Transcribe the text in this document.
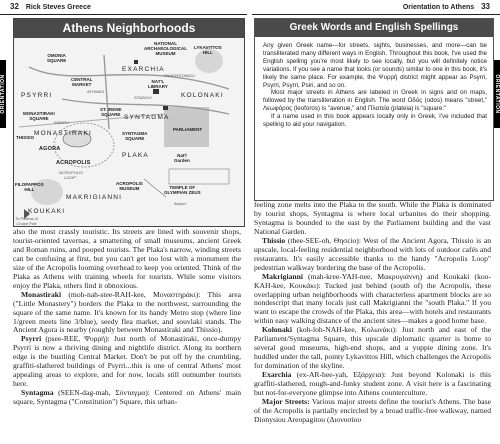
32 Rick Steves Greece	Orientation to Athens 33
ORIENTATION	ORIENTATION
Athens Neighborhoods
NATIONAL
ARCHAEOLOGICAL
MUSEUM
OMONIA
SQUARE
EXARCHIA
LYKAVITTOS
HILL
CENTRAL
MARKET
NAT'L
LIBRARY
PSYRRI	KOLONAKI
MONASTIRAKI
SQUARE
ST. IRENE
SQUARE SYNTAGMA
THISSIO
MONASTIRAKI	SYNTAGMA
SQUARE
PARLIAMENT
AGORA
PLAKA	Nat'l
Garden
ACROPOLIS
"ACROPOLIS
LOOP"
FILOPAPPOS
HILL
ACROPOLIS
MUSEUM	TEMPLE OF
OLYMPIAN ZEUS
MAKRIGIANNI
KOUKAKI
Airport
To Piraeus &
Cruise Port
STADIOU
PANEPISTIMIOU
ERMOU
ATHINAS
Greek Words and English Spellings

Any given Greek name—for streets, sights, businesses, and more—can be transliterated many different ways in English. Throughout this book, I've used the English spelling you're most likely to see locally, but you will definitely notice variations. If you see a name that looks (or sounds) similar to one in this book, it's likely the same place. For example, the Ψυρρή district might appear as Psyrri, Psyrri, Psyrri, Psiri, and so on.

Most major streets in Athens are labeled in Greek in signs and on maps, followed by the transliteration in English. The word Οδός (odos) means "street," Λεωφόρος (leoforos) is "avenue," and Πλατεία (plateia) is "square."

If a name used in this book appears locally only in Greek, I've included that spelling to aid your navigation.

also the most crassly touristic. Its streets are lined with souvenir shops, tourist-oriented tavernas, a smattering of small museums, ancient Greek and Roman ruins, and pooped tourists. The Plaka's narrow, winding streets can be confusing at first, but you can't get too lost with a monument the size of the Acropolis looming overhead to keep you oriented. Think of the Plaka as Athens with training wheels for tourists. While some visitors enjoy the Plaka, others find it obnoxious.

Monastiraki (moh-nah-stee-RAH-kee, Μοναστηράκι): This area ("Little Monastery") borders the Plaka to the northwest, surrounding the square of the same name. It's known for its handy Metro stop (where line 1/green meets line 3/blue), seedy flea market, and souvlaki stands. The Ancient Agora is nearby (roughly between Monastiraki and Thissio).

Psyrri (psee-REE, Ψυρρή): Just north of Monastiraki, once-dumpy Psyrri is now a thriving dining and nightlife district. Along its northern edge is the bustling Central Market. Don't be put off by the crumbling, graffiti-slathered buildings of Psyrri...this is one of central Athens' most appealing areas to explore, and for now, locals still outnumber tourists here.

Syntagma (SEEN-dag-mah, Σύνταγμα): Centered on Athens' main square, Syntagma ("Constitution") Square, this urban-

feeling zone melts into the Plaka to the south. While the Plaka is dominated by tourist shops, Syntagma is where local urbanites do their shopping. Syntagma is bounded to the east by the Parliament building and the vast National Garden.

Thissio (thee-SEE-oh, Θησείο): West of the Ancient Agora, Thissio is an upscale, local-feeling residential neighborhood with lots of outdoor cafés and restaurants. It's easily accessible thanks to the handy "Acropolis Loop" pedestrian walkway bordering the base of the Acropolis.

Makrigianni (mah-kree-YAH-nee, Μακρυγιάννη) and Koukaki (koo-KAH-kee, Κουκάκι): Tucked just behind (south of) the Acropolis, these overlapping urban neighborhoods with characterless apartment blocks are so nondescript that many locals just call Makrigianni the "south Plaka." If you want to escape the crowds of the Plaka, this area—with hotels and restaurants within easy walking distance of the ancient sites—makes a good home base.

Kolonaki (koh-loh-NAH-kee, Κολωνάκι): Just north and east of the Parliament/Syntagma Square, this upscale diplomatic quarter is home to several good museums, high-end shops, and a yuppie dining zone. It's huddled under the tall, pointy Lykavittos Hill, which challenges the Acropolis for domination of the skyline.

Exarchia (ex-AR-hee-yah, Εξάρχεια): Just beyond Kolonaki is this graffiti-slathered, rough-and-funky student zone. A visit here is a fascinating but not-for-everyone glimpse into Athens counterculture.

Major Streets: Various major streets define the tourist's Athens. The base of the Acropolis is partially encircled by a broad traffic-free walkway, named Dionysiou Areopagitou (Διονυσίου
